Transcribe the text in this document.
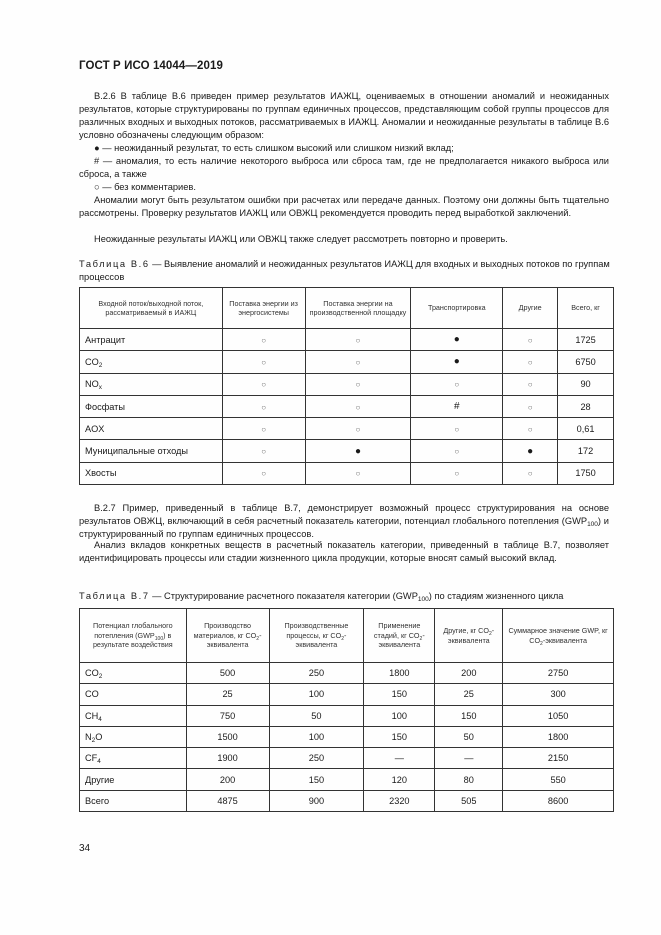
ГОСТ Р ИСО 14044—2019
B.2.6 В таблице B.6 приведен пример результатов ИАЖЦ, оцениваемых в отношении аномалий и неожиданных результатов, которые структурированы по группам единичных процессов, представляющим собой группы процессов для различных входных и выходных потоков, рассматриваемых в ИАЖЦ. Аномалии и неожиданные результаты в таблице B.6 условно обозначены следующим образом:
● — неожиданный результат, то есть слишком высокий или слишком низкий вклад;
# — аномалия, то есть наличие некоторого выброса или сброса там, где не предполагается никакого выброса или сброса, а также
○ — без комментариев.
Аномалии могут быть результатом ошибки при расчетах или передаче данных. Поэтому они должны быть тщательно рассмотрены. Проверку результатов ИАЖЦ или ОВЖЦ рекомендуется проводить перед выработкой заключений.
Неожиданные результаты ИАЖЦ или ОВЖЦ также следует рассмотреть повторно и проверить.
Таблица B.6 — Выявление аномалий и неожиданных результатов ИАЖЦ для входных и выходных потоков по группам процессов
Входной поток/выходной поток, рассматриваемый в ИАЖЦ	Поставка энергии из энергосистемы	Поставка энергии на производственной площадку	Транспортировка	Другие	Всего, кг
Антрацит	○	○	●	○	1725
$CO_2$	○	○	●	○	6750
$NO_x$	○	○	○	○	90
Фосфаты	○	○	#	○	28
AOX	○	○	○	○	0,61
Муниципальные отходы	○	●	○	●	172
Хвосты	○	○	○	○	1750
B.2.7 Пример, приведенный в таблице B.7, демонстрирует возможный процесс структурирования на основе результатов ОВЖЦ, включающий в себя расчетный показатель категории, потенциал глобального потепления $(GWP_{100})$ и структурированный по группам единичных процессов.
Анализ вкладов конкретных веществ в расчетный показатель категории, приведенный в таблице B.7, позволяет идентифицировать процессы или стадии жизненного цикла продукции, которые вносят самый высокий вклад.
Таблица B.7 — Структурирование расчетного показателя категории $(GWP_{100})$ по стадиям жизненного цикла
Потенциал глобального потепления $(GWP_{100})$ в результате воздействия	Производство материалов, кг $CO_2$-эквивалента	Производственные процессы, кг $CO_2$-эквивалента	Применение стадий, кг $CO_2$-эквивалента	Другие, кг $CO_2$-эквивалента	Суммарное значение GWP, кг $CO_2$-эквивалента
$CO_2$	500	250	1800	200	2750
CO	25	100	150	25	300
$CH_4$	750	50	100	150	1050
$N_2O$	1500	100	150	50	1800
$CF_4$	1900	250	—	—	2150
Другие	200	150	120	80	550
Всего	4875	900	2320	505	8600
34
